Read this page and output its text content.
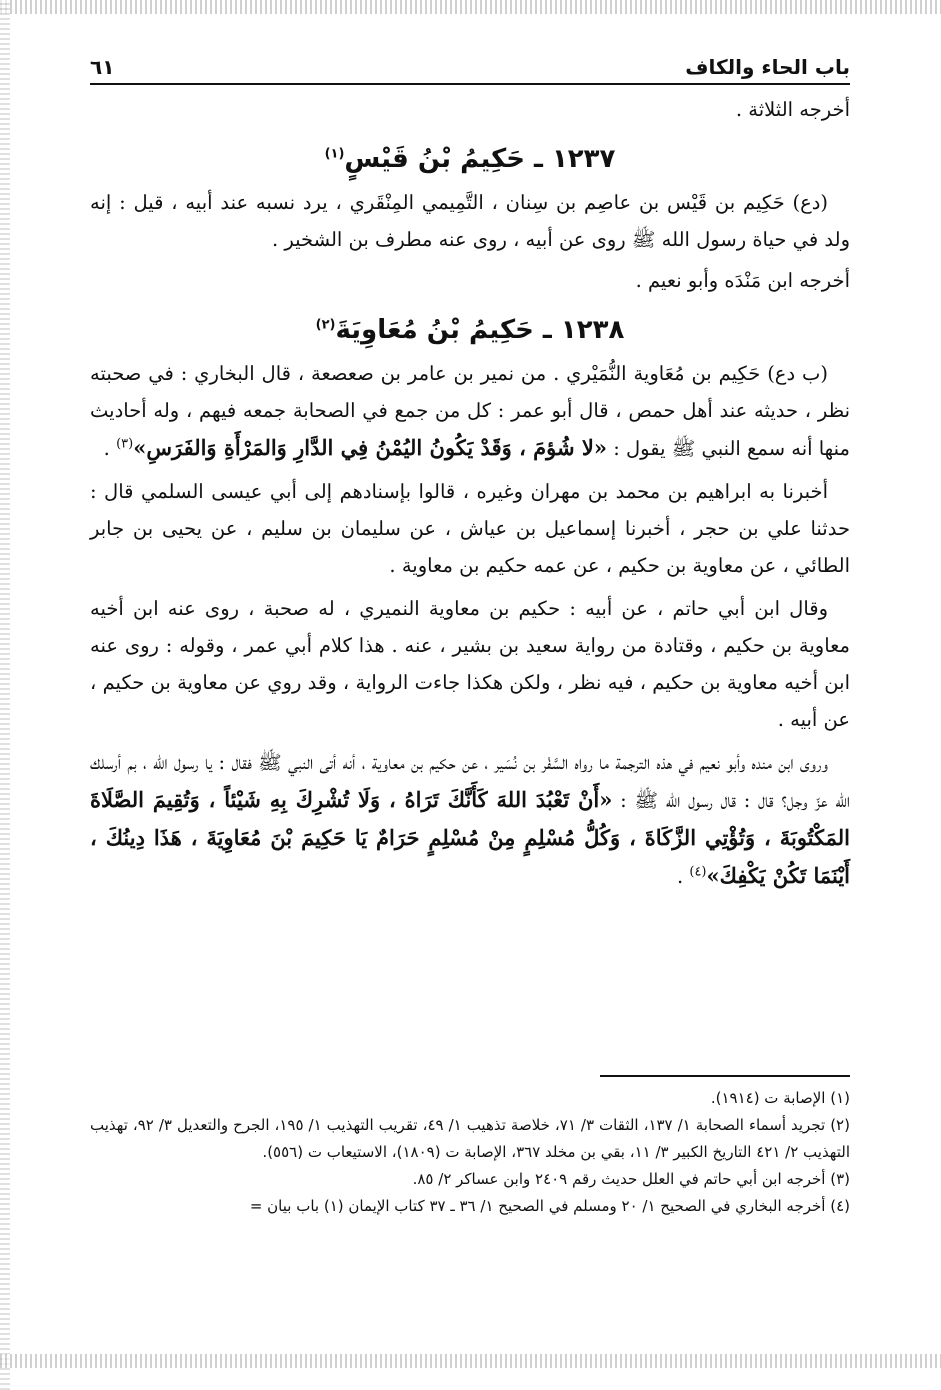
باب الحاء والكاف
٦١

أخرجه الثلاثة .

١٢٣٧ ـ حَكِيمُ بْنُ قَيْسٍ$^{(١)}$

(دع) حَكِيم بن قَيْس بن عاصِم بن سِنان ، التَّمِيمي المِنْقَري ، يرد نسبه عند أبيه ، قيل : إنه ولد في حياة رسول الله ﷺ روى عن أبيه ، روى عنه مطرف بن الشخير .

أخرجه ابن مَنْدَه وأبو نعيم .

١٢٣٨ ـ حَكِيمُ بْنُ مُعَاوِيَةَ$^{(٢)}$

(ب دع) حَكِيم بن مُعَاوية النُّمَيْري . من نمير بن عامر بن صعصعة ، قال البخاري : في صحبته نظر ، حديثه عند أهل حمص ، قال أبو عمر : كل من جمع في الصحابة جمعه فيهم ، وله أحاديث منها أنه سمع النبي ﷺ يقول : «لا شُؤمَ ، وَقَدْ يَكُونُ اليُمْنُ فِي الدَّارِ وَالمَرْأَةِ وَالفَرَسِ»$^{(٣)}$ .

أخبرنا به ابراهيم بن محمد بن مهران وغيره ، قالوا بإسنادهم إلى أبي عيسى السلمي قال : حدثنا علي بن حجر ، أخبرنا إسماعيل بن عياش ، عن سليمان بن سليم ، عن يحيى بن جابر الطائي ، عن معاوية بن حكيم ، عن عمه حكيم بن معاوية .

وقال ابن أبي حاتم ، عن أبيه : حكيم بن معاوية النميري ، له صحبة ، روى عنه ابن أخيه معاوية بن حكيم ، وقتادة من رواية سعيد بن بشير ، عنه . هذا كلام أبي عمر ، وقوله : روى عنه ابن أخيه معاوية بن حكيم ، فيه نظر ، ولكن هكذا جاءت الرواية ، وقد روي عن معاوية بن حكيم ، عن أبيه .

وروى ابن منده وأبو نعيم في هذه الترجمة ما رواه السَّفْر بن نُسَير ، عن حكيم بن معاوية ، أنه أتى النبي ﷺ فقال : يا رسول الله ، بم أرسلك الله عزّ وجل؟ قال : قال رسول الله ﷺ : «أَنْ تَعْبُدَ اللهَ كَأَنَّكَ تَرَاهُ ، وَلَا تُشْرِكَ بِهِ شَيْئاً ، وَتُقِيمَ الصَّلَاةَ المَكْتُوبَةَ ، وَتُؤْتِي الزَّكَاةَ ، وَكُلُّ مُسْلِمٍ مِنْ مُسْلِمٍ حَرَامٌ يَا حَكِيمَ بْنَ مُعَاوِيَةَ ، هَذَا دِينُكَ ، أَيْنَمَا تَكُنْ يَكْفِكَ»$^{(٤)}$ .

(١) الإصابة ت (١٩١٤).

(٢) تجريد أسماء الصحابة ١/ ١٣٧، الثقات ٣/ ٧١، خلاصة تذهيب ١/ ٤٩، تقريب التهذيب ١/ ١٩٥، الجرح والتعديل ٣/ ٩٢، تهذيب التهذيب ٢/ ٤٢١ التاريخ الكبير ٣/ ١١، بقي بن مخلد ٣٦٧، الإصابة ت (١٨٠٩)، الاستيعاب ت (٥٥٦).

(٣) أخرجه ابن أبي حاتم في العلل حديث رقم ٢٤٠٩ وابن عساكر ٢/ ٨٥.

(٤) أخرجه البخاري في الصحيح ١/ ٢٠ ومسلم في الصحيح ١/ ٣٦ ـ ٣٧ كتاب الإيمان (١) باب بيان =
